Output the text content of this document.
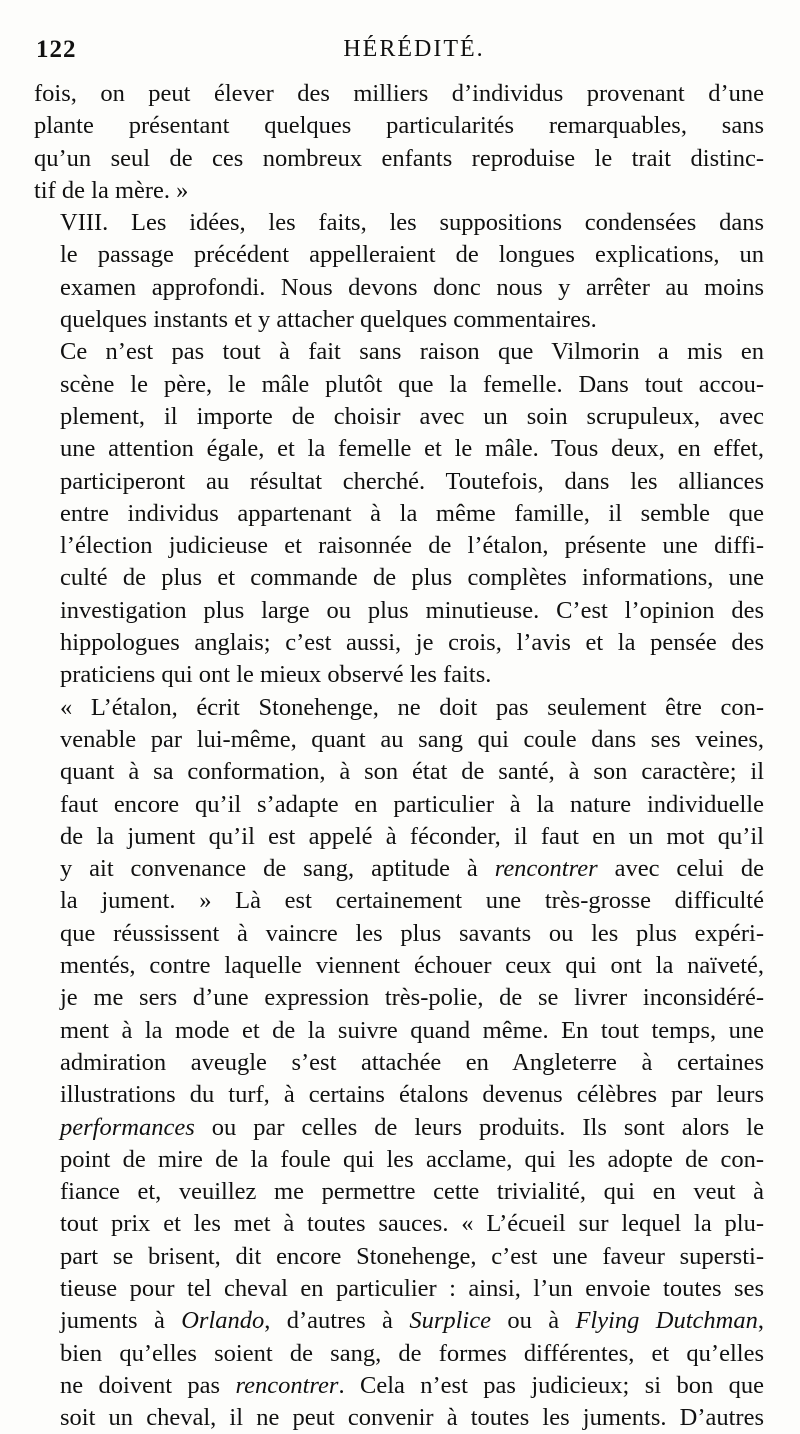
122	HÉRÉDITÉ.
fois, on peut élever des milliers d’individus provenant d’une
plante présentant quelques particularités remarquables, sans
qu’un seul de ces nombreux enfants reproduise le trait distinc-
tif de la mère. »
VIII. Les idées, les faits, les suppositions condensées dans
le passage précédent appelleraient de longues explications, un
examen approfondi. Nous devons donc nous y arrêter au moins
quelques instants et y attacher quelques commentaires.
Ce n’est pas tout à fait sans raison que Vilmorin a mis en
scène le père, le mâle plutôt que la femelle. Dans tout accou-
plement, il importe de choisir avec un soin scrupuleux, avec
une attention égale, et la femelle et le mâle. Tous deux, en effet,
participeront au résultat cherché. Toutefois, dans les alliances
entre individus appartenant à la même famille, il semble que
l’élection judicieuse et raisonnée de l’étalon, présente une diffi-
culté de plus et commande de plus complètes informations, une
investigation plus large ou plus minutieuse. C’est l’opinion des
hippologues anglais; c’est aussi, je crois, l’avis et la pensée des
praticiens qui ont le mieux observé les faits.
« L’étalon, écrit Stonehenge, ne doit pas seulement être con-
venable par lui-même, quant au sang qui coule dans ses veines,
quant à sa conformation, à son état de santé, à son caractère; il
faut encore qu’il s’adapte en particulier à la nature individuelle
de la jument qu’il est appelé à féconder, il faut en un mot qu’il
y ait convenance de sang, aptitude à rencontrer avec celui de
la jument. » Là est certainement une très-grosse difficulté
que réussissent à vaincre les plus savants ou les plus expéri-
mentés, contre laquelle viennent échouer ceux qui ont la naïveté,
je me sers d’une expression très-polie, de se livrer inconsidéré-
ment à la mode et de la suivre quand même. En tout temps, une
admiration aveugle s’est attachée en Angleterre à certaines
illustrations du turf, à certains étalons devenus célèbres par leurs
performances ou par celles de leurs produits. Ils sont alors le
point de mire de la foule qui les acclame, qui les adopte de con-
fiance et, veuillez me permettre cette trivialité, qui en veut à
tout prix et les met à toutes sauces. « L’écueil sur lequel la plu-
part se brisent, dit encore Stonehenge, c’est une faveur supersti-
tieuse pour tel cheval en particulier : ainsi, l’un envoie toutes ses
juments à Orlando, d’autres à Surplice ou à Flying Dutchman,
bien qu’elles soient de sang, de formes différentes, et qu’elles
ne doivent pas rencontrer. Cela n’est pas judicieux; si bon que
soit un cheval, il ne peut convenir à toutes les juments. D’autres
